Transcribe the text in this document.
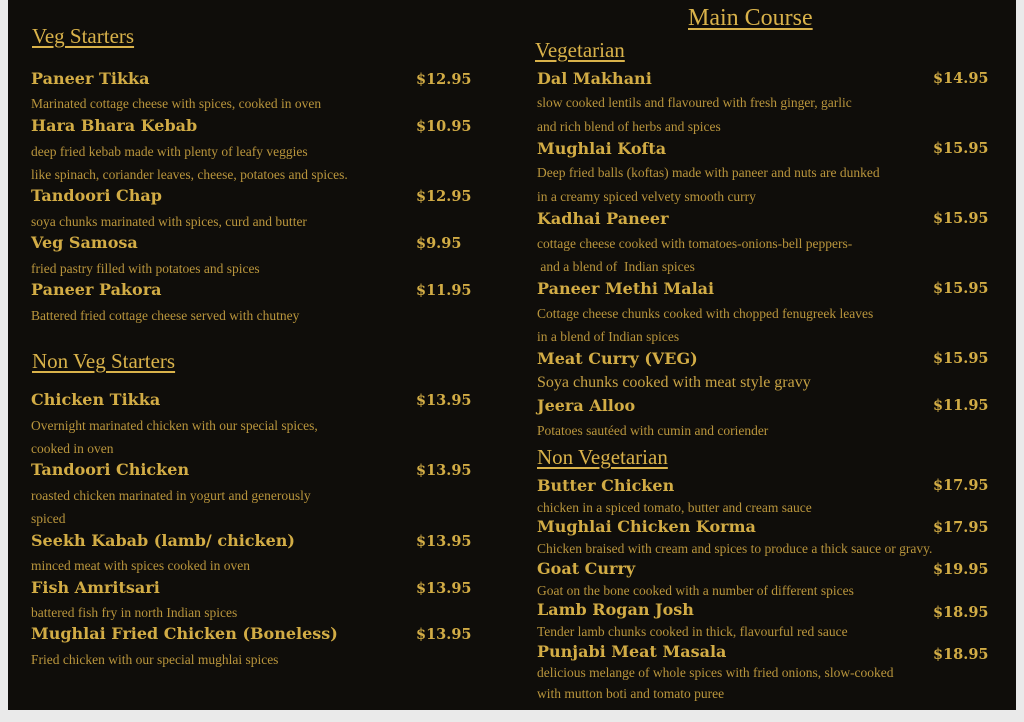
Veg Starters
Paneer Tikka	$12.95
Marinated cottage cheese with spices, cooked in oven
Hara Bhara Kebab	$10.95
deep fried kebab made with plenty of leafy veggies
like spinach, coriander leaves, cheese, potatoes and spices.
Tandoori Chap	$12.95
soya chunks marinated with spices, curd and butter
Veg Samosa	$9.95
fried pastry filled with potatoes and spices
Paneer Pakora	$11.95
Battered fried cottage cheese served with chutney
Non Veg Starters
Chicken Tikka	$13.95
Overnight marinated chicken with our special spices,
cooked in oven
Tandoori Chicken	$13.95
roasted chicken marinated in yogurt and generously
spiced
Seekh Kabab (lamb/ chicken)	$13.95
minced meat with spices cooked in oven
Fish Amritsari	$13.95
battered fish fry in north Indian spices
Mughlai Fried Chicken (Boneless)	$13.95
Fried chicken with our special mughlai spices
Main Course
Vegetarian
Dal Makhani	$14.95
slow cooked lentils and flavoured with fresh ginger, garlic
and rich blend of herbs and spices
Mughlai Kofta	$15.95
Deep fried balls (koftas) made with paneer and nuts are dunked
in a creamy spiced velvety smooth curry
Kadhai Paneer	$15.95
cottage cheese cooked with tomatoes-onions-bell peppers-
and a blend of  Indian spices
Paneer Methi Malai	$15.95
Cottage cheese chunks cooked with chopped fenugreek leaves
in a blend of Indian spices
Meat Curry (VEG)	$15.95
Soya chunks cooked with meat style gravy
Jeera Alloo	$11.95
Potatoes sautéed with cumin and coriender
Non Vegetarian
Butter Chicken	$17.95
chicken in a spiced tomato, butter and cream sauce
Mughlai Chicken Korma	$17.95
Chicken braised with cream and spices to produce a thick sauce or gravy.
Goat Curry	$19.95
Goat on the bone cooked with a number of different spices
Lamb Rogan Josh	$18.95
Tender lamb chunks cooked in thick, flavourful red sauce
Punjabi Meat Masala	$18.95
delicious melange of whole spices with fried onions, slow-cooked
with mutton boti and tomato puree
